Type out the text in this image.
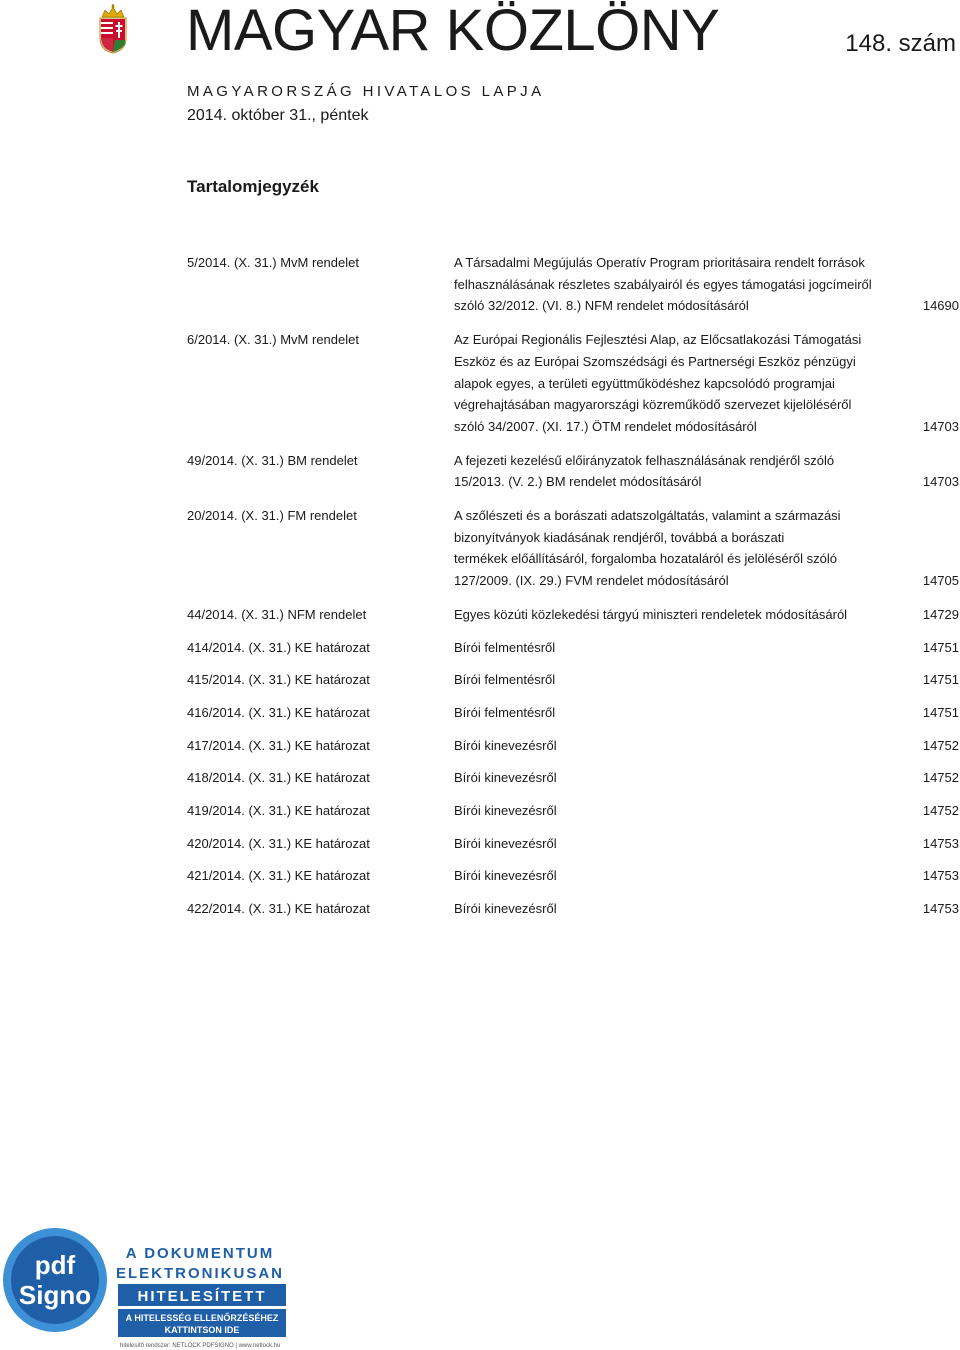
MAGYAR KÖZLÖNY	148. szám
MAGYARORSZÁG HIVATALOS LAPJA
2014. október 31., péntek
Tartalomjegyzék
5/2014. (X. 31.) MvM rendelet	A Társadalmi Megújulás Operatív Program prioritásaira rendelt források
felhasználásának részletes szabályairól és egyes támogatási jogcímeiről
szóló 32/2012. (VI. 8.) NFM rendelet módosításáról	14690
6/2014. (X. 31.) MvM rendelet	Az Európai Regionális Fejlesztési Alap, az Előcsatlakozási Támogatási
Eszköz és az Európai Szomszédsági és Partnerségi Eszköz pénzügyi
alapok egyes, a területi együttműködéshez kapcsolódó programjai
végrehajtásában magyarországi közreműködő szervezet kijelöléséről
szóló 34/2007. (XI. 17.) ÖTM rendelet módosításáról	14703
49/2014. (X. 31.) BM rendelet	A fejezeti kezelésű előirányzatok felhasználásának rendjéről szóló
15/2013. (V. 2.) BM rendelet módosításáról	14703
20/2014. (X. 31.) FM rendelet	A szőlészeti és a borászati adatszolgáltatás, valamint a származási
bizonyítványok kiadásának rendjéről, továbbá a borászati
termékek előállításáról, forgalomba hozataláról és jelöléséről szóló
127/2009. (IX. 29.) FVM rendelet módosításáról	14705
44/2014. (X. 31.) NFM rendelet	Egyes közúti közlekedési tárgyú miniszteri rendeletek módosításáról	14729
414/2014. (X. 31.) KE határozat	Bírói felmentésről	14751
415/2014. (X. 31.) KE határozat	Bírói felmentésről	14751
416/2014. (X. 31.) KE határozat	Bírói felmentésről	14751
417/2014. (X. 31.) KE határozat	Bírói kinevezésről	14752
418/2014. (X. 31.) KE határozat	Bírói kinevezésről	14752
419/2014. (X. 31.) KE határozat	Bírói kinevezésről	14752
420/2014. (X. 31.) KE határozat	Bírói kinevezésről	14753
421/2014. (X. 31.) KE határozat	Bírói kinevezésről	14753
422/2014. (X. 31.) KE határozat	Bírói kinevezésről	14753
pdf
Signo
A DOKUMENTUM
ELEKTRONIKUSAN
HITELESÍTETT
A HITELESSÉG ELLENŐRZÉSÉHEZ
KATTINTSON IDE
hitelesítő rendszer: NETLOCK PDFSIGNO | www.netlock.hu
